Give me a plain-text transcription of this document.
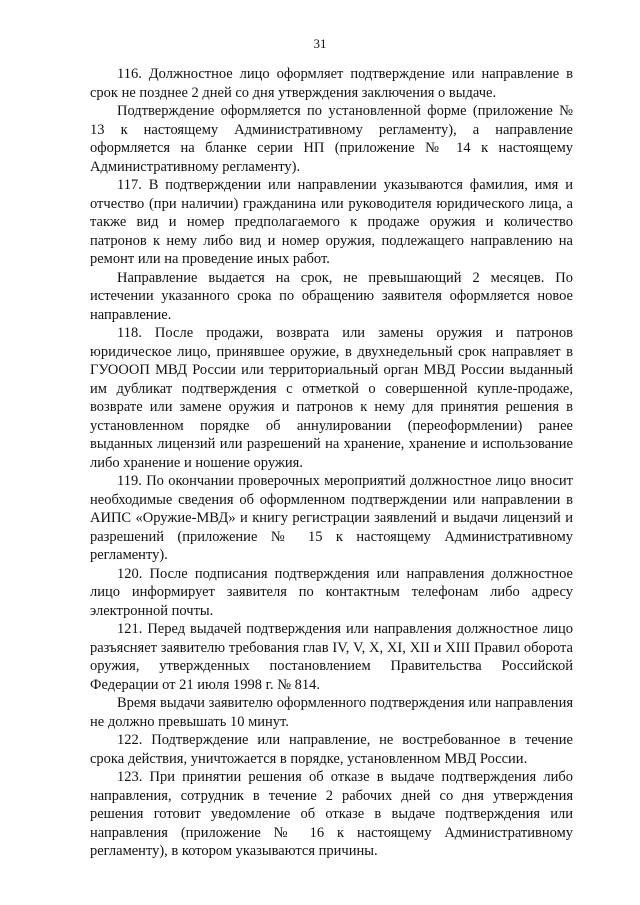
31

116. Должностное лицо оформляет подтверждение или направление в срок не позднее 2 дней со дня утверждения заключения о выдаче.

Подтверждение оформляется по установленной форме (приложение № 13 к настоящему Административному регламенту), а направление оформляется на бланке серии НП (приложение № 14 к настоящему Административному регламенту).

117. В подтверждении или направлении указываются фамилия, имя и отчество (при наличии) гражданина или руководителя юридического лица, а также вид и номер предполагаемого к продаже оружия и количество патронов к нему либо вид и номер оружия, подлежащего направлению на ремонт или на проведение иных работ.

Направление выдается на срок, не превышающий 2 месяцев. По истечении указанного срока по обращению заявителя оформляется новое направление.

118. После продажи, возврата или замены оружия и патронов юридическое лицо, принявшее оружие, в двухнедельный срок направляет в ГУОООП МВД России или территориальный орган МВД России выданный им дубликат подтверждения с отметкой о совершенной купле-продаже, возврате или замене оружия и патронов к нему для принятия решения в установленном порядке об аннулировании (переоформлении) ранее выданных лицензий или разрешений на хранение, хранение и использование либо хранение и ношение оружия.

119. По окончании проверочных мероприятий должностное лицо вносит необходимые сведения об оформленном подтверждении или направлении в АИПС «Оружие-МВД» и книгу регистрации заявлений и выдачи лицензий и разрешений (приложение № 15 к настоящему Административному регламенту).

120. После подписания подтверждения или направления должностное лицо информирует заявителя по контактным телефонам либо адресу электронной почты.

121. Перед выдачей подтверждения или направления должностное лицо разъясняет заявителю требования глав IV, V, X, XI, XII и XIII Правил оборота оружия, утвержденных постановлением Правительства Российской Федерации от 21 июля 1998 г. № 814.

Время выдачи заявителю оформленного подтверждения или направления не должно превышать 10 минут.

122. Подтверждение или направление, не востребованное в течение срока действия, уничтожается в порядке, установленном МВД России.

123. При принятии решения об отказе в выдаче подтверждения либо направления, сотрудник в течение 2 рабочих дней со дня утверждения решения готовит уведомление об отказе в выдаче подтверждения или направления (приложение № 16 к настоящему Административному регламенту), в котором указываются причины.
